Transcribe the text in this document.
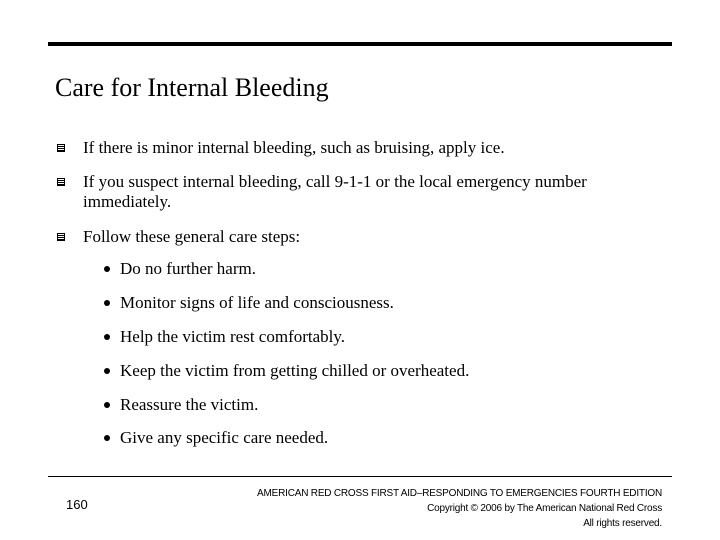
Care for Internal Bleeding
If there is minor internal bleeding, such as bruising, apply ice.
If you suspect internal bleeding, call 9-1-1 or the local emergency number immediately.
Follow these general care steps:
Do no further harm.
Monitor signs of life and consciousness.
Help the victim rest comfortably.
Keep the victim from getting chilled or overheated.
Reassure the victim.
Give any specific care needed.
160
AMERICAN RED CROSS FIRST AID–RESPONDING TO EMERGENCIES FOURTH EDITION
Copyright © 2006 by The American National Red Cross
All rights reserved.
